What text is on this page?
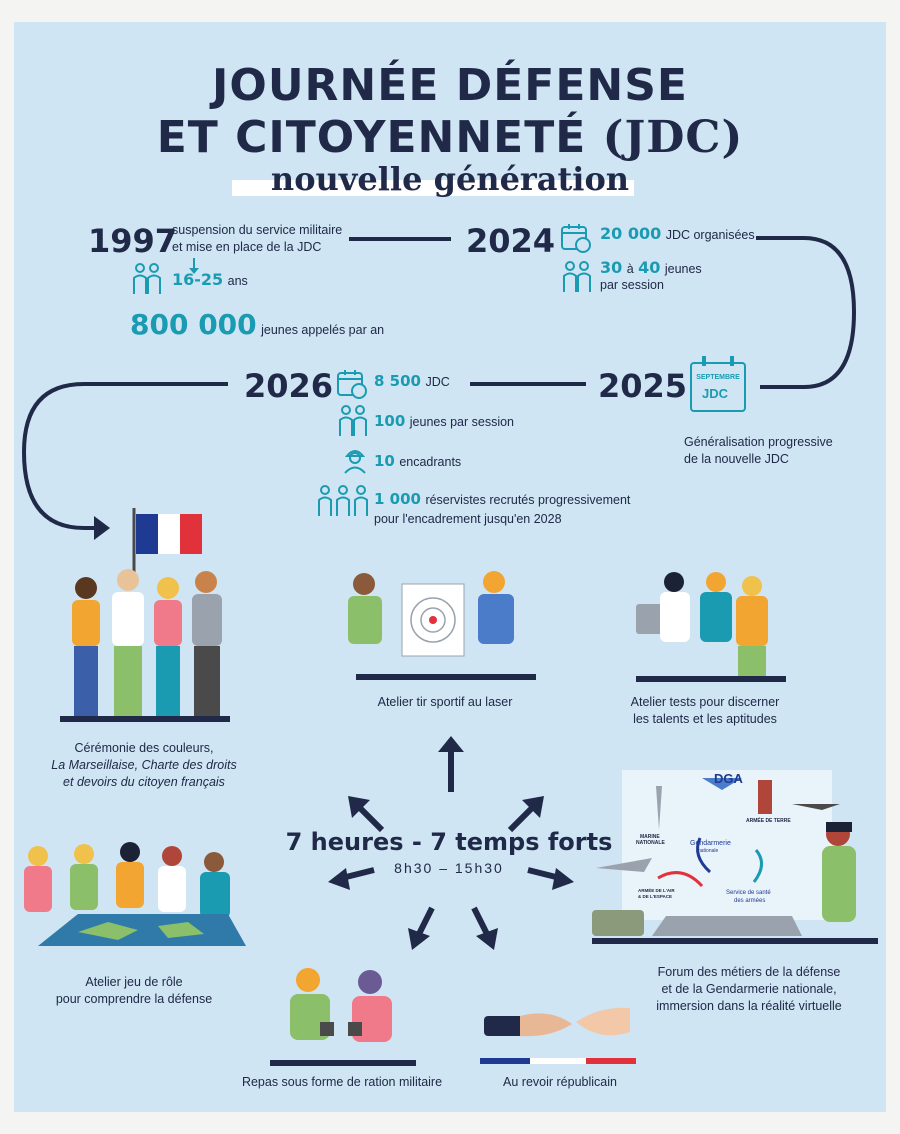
JOURNÉE DÉFENSE
ET CITOYENNETÉ (JDC)
nouvelle génération
1997
suspension du service militaire
et mise en place de la JDC
16-25 ans
800 000 jeunes appelés par an
2024	20 000 JDC organisées
30 à 40 jeunes
par session
2025	SEPTEMBRE
JDC
Généralisation progressive
de la nouvelle JDC
2026	8 500 JDC
100 jeunes par session
10 encadrants
1 000 réservistes recrutés progressivement
pour l'encadrement jusqu'en 2028
Cérémonie des couleurs,
La Marseillaise, Charte des droits
et devoirs du citoyen français
Atelier tir sportif au laser	Atelier tests pour discerner
les talents et les aptitudes
7 heures - 7 temps forts
8h30 – 15h30
Atelier jeu de rôle
pour comprendre la défense
DGA
MARINE
NATIONALE
ARMÉE DE TERRE
Gendarmerie
nationale
ARMÉE DE L'AIR
& DE L'ESPACE
Service de santé
des armées
Forum des métiers de la défense
et de la Gendarmerie nationale,
immersion dans la réalité virtuelle
Repas sous forme de ration militaire	Au revoir républicain
